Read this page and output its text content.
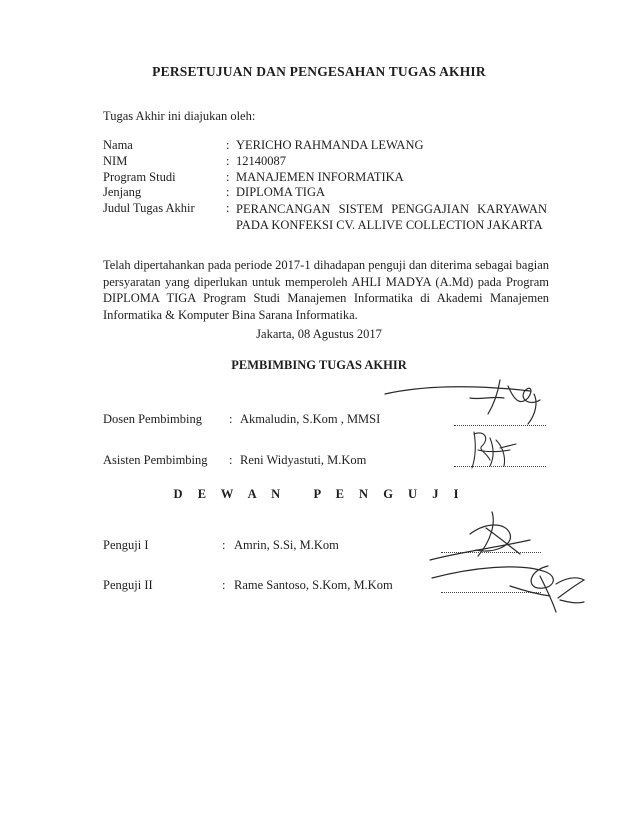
PERSETUJUAN DAN PENGESAHAN TUGAS AKHIR
Tugas Akhir ini diajukan oleh:
Nama	: YERICHO RAHMANDA LEWANG
NIM	: 12140087
Program Studi	: MANAJEMEN INFORMATIKA
Jenjang	: DIPLOMA TIGA
Judul Tugas Akhir	: PERANCANGAN SISTEM PENGGAJIAN KARYAWAN PADA KONFEKSI CV. ALLIVE COLLECTION JAKARTA

Telah dipertahankan pada periode 2017-1 dihadapan penguji dan diterima sebagai bagian persyaratan yang diperlukan untuk memperoleh AHLI MADYA (A.Md) pada Program DIPLOMA TIGA Program Studi Manajemen Informatika di Akademi Manajemen Informatika & Komputer Bina Sarana Informatika.

Jakarta, 08 Agustus 2017
PEMBIMBING TUGAS AKHIR
Dosen Pembimbing : Akmaludin, S.Kom , MMSI
Asisten Pembimbing : Reni Widyastuti, M.Kom
D E W A N   P E N G U J I
Penguji I	: Amrin, S.Si, M.Kom
Penguji II	: Rame Santoso, S.Kom, M.Kom
